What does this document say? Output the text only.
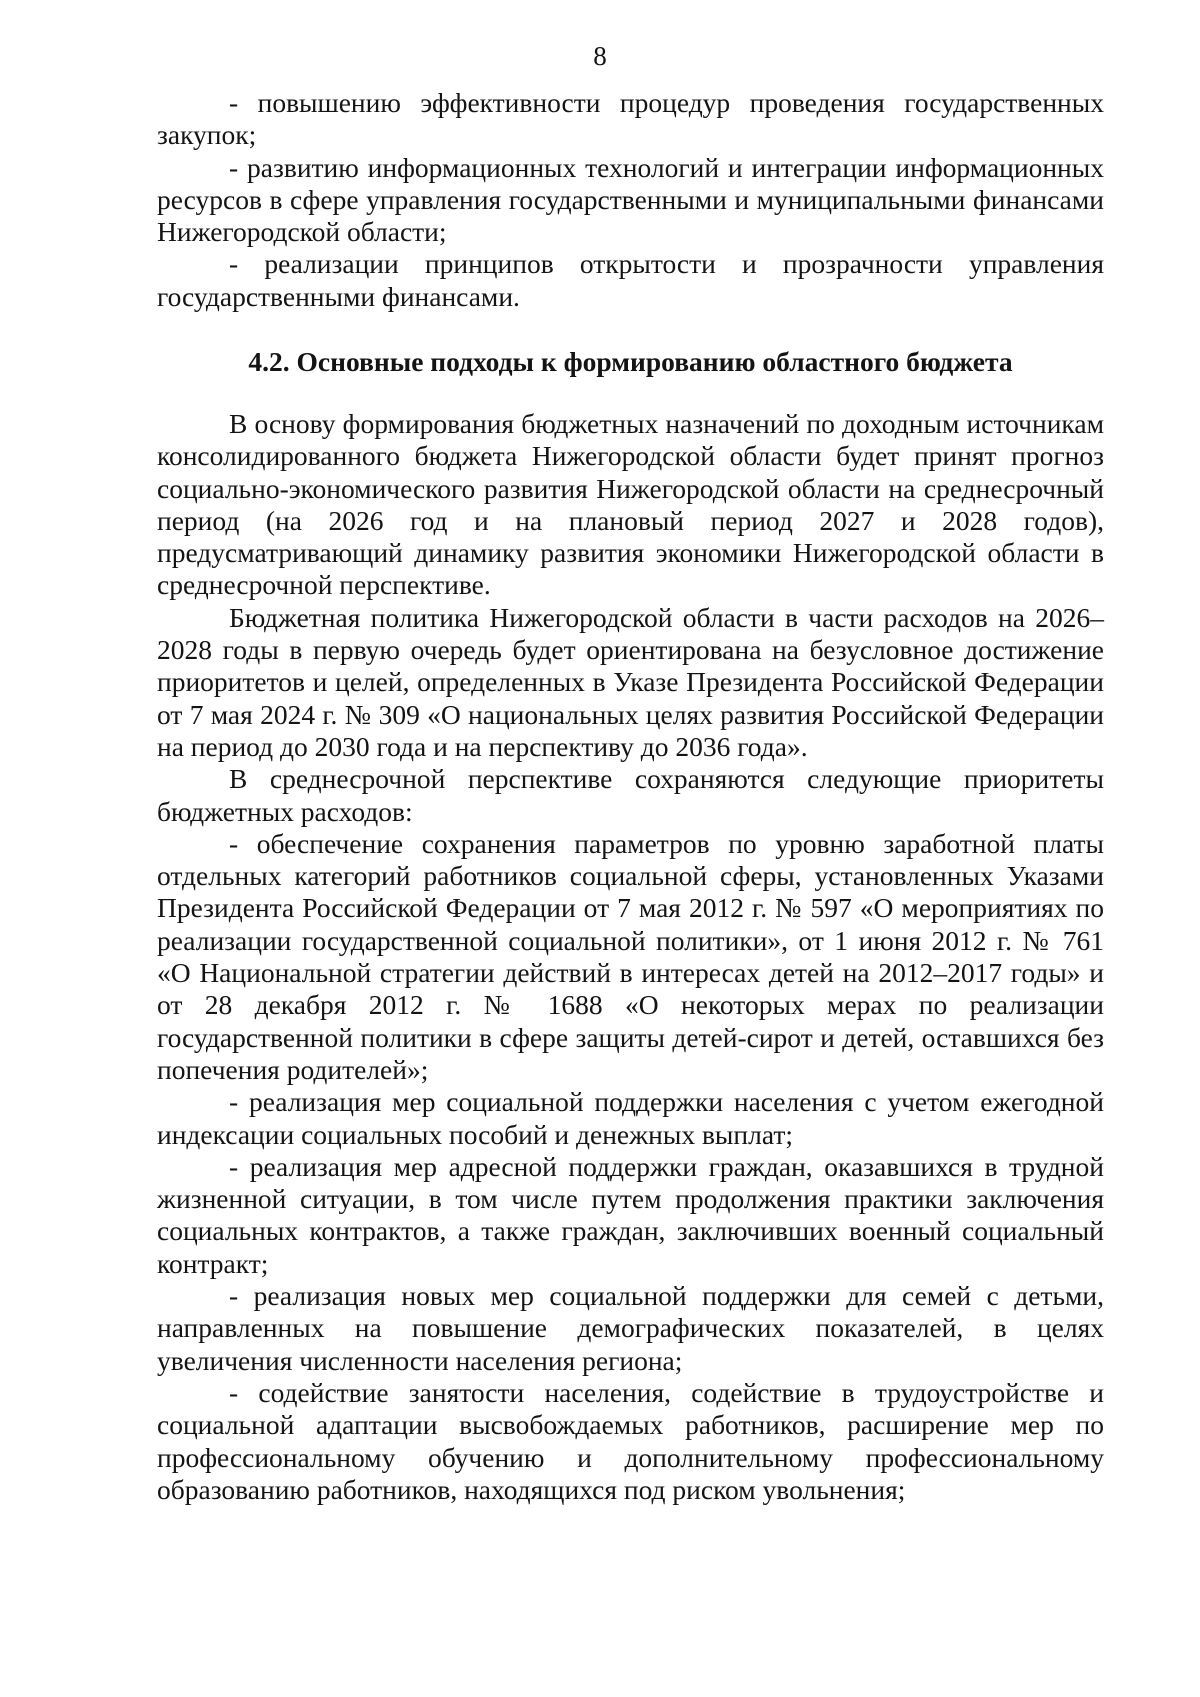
8

- повышению эффективности процедур проведения государственных закупок;

- развитию информационных технологий и интеграции информационных ресурсов в сфере управления государственными и муниципальными финансами Нижегородской области;

- реализации принципов открытости и прозрачности управления государственными финансами.

4.2. Основные подходы к формированию областного бюджета

В основу формирования бюджетных назначений по доходным источникам консолидированного бюджета Нижегородской области будет принят прогноз социально-экономического развития Нижегородской области на среднесрочный период (на 2026 год и на плановый период 2027 и 2028 годов), предусматривающий динамику развития экономики Нижегородской области в среднесрочной перспективе.

Бюджетная политика Нижегородской области в части расходов на 2026–2028 годы в первую очередь будет ориентирована на безусловное достижение приоритетов и целей, определенных в Указе Президента Российской Федерации от 7 мая 2024 г. № 309 «О национальных целях развития Российской Федерации на период до 2030 года и на перспективу до 2036 года».

В среднесрочной перспективе сохраняются следующие приоритеты бюджетных расходов:

- обеспечение сохранения параметров по уровню заработной платы отдельных категорий работников социальной сферы, установленных Указами Президента Российской Федерации от 7 мая 2012 г. № 597 «О мероприятиях по реализации государственной социальной политики», от 1 июня 2012 г. № 761 «О Национальной стратегии действий в интересах детей на 2012–2017 годы» и от 28 декабря 2012 г. № 1688 «О некоторых мерах по реализации государственной политики в сфере защиты детей-сирот и детей, оставшихся без попечения родителей»;

- реализация мер социальной поддержки населения с учетом ежегодной индексации социальных пособий и денежных выплат;

- реализация мер адресной поддержки граждан, оказавшихся в трудной жизненной ситуации, в том числе путем продолжения практики заключения социальных контрактов, а также граждан, заключивших военный социальный контракт;

- реализация новых мер социальной поддержки для семей с детьми, направленных на повышение демографических показателей, в целях увеличения численности населения региона;

- содействие занятости населения, содействие в трудоустройстве и социальной адаптации высвобождаемых работников, расширение мер по профессиональному обучению и дополнительному профессиональному образованию работников, находящихся под риском увольнения;
